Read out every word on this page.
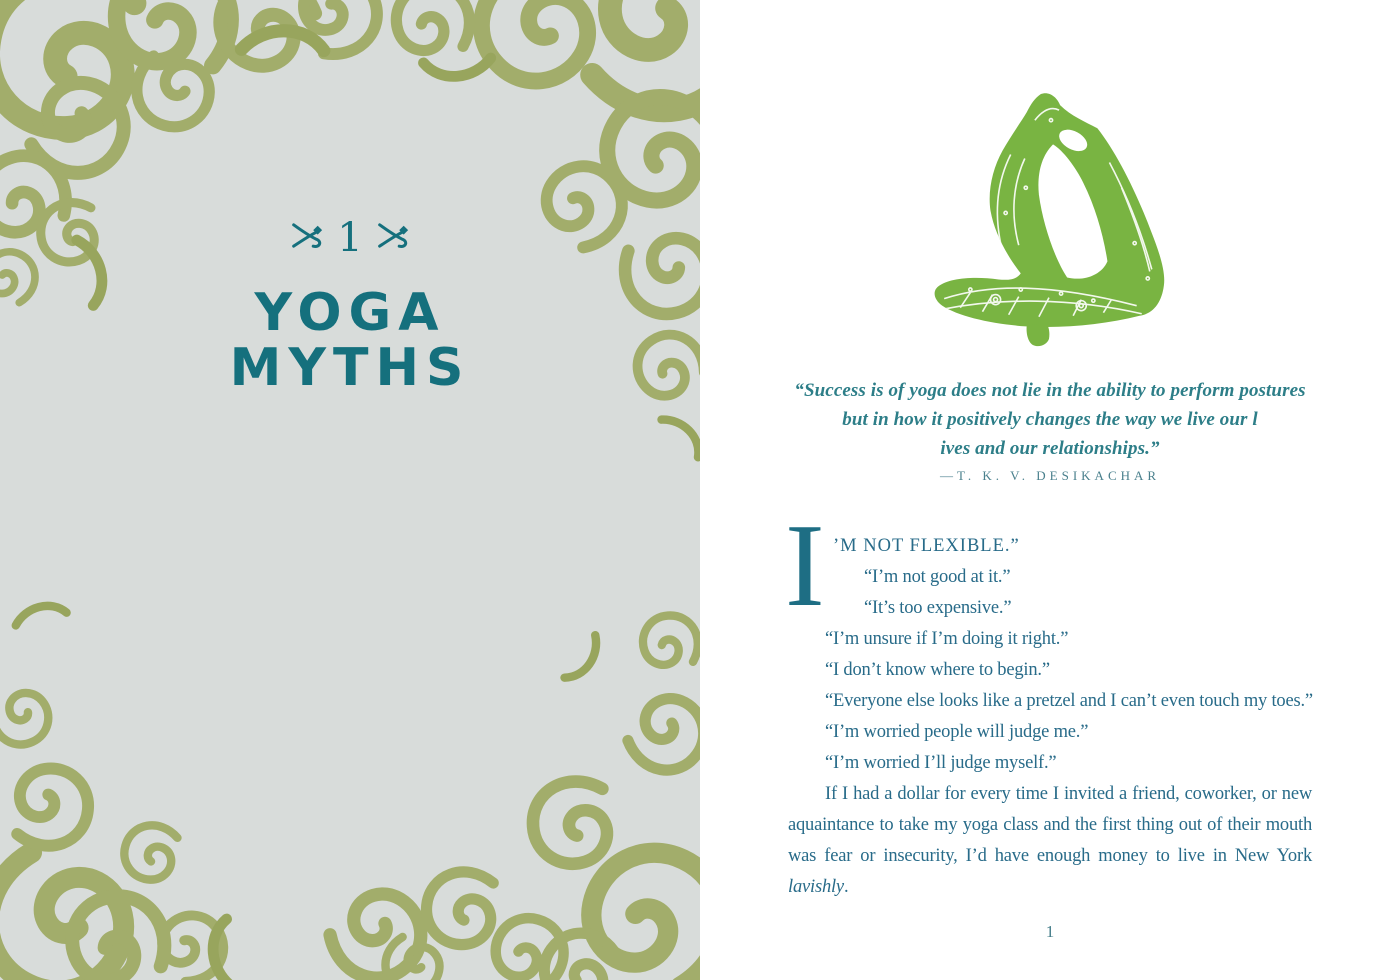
1
YOGA
MYTHS	“Success is of yoga does not lie in the ability to perform postures
but in how it positively changes the way we live our l
ives and our relationships.”
—T. K. V. DESIKACHAR
I ’M NOT FLEXIBLE.”
“I’m not good at it.”
“It’s too expensive.”
“I’m unsure if I’m doing it right.”
“I don’t know where to begin.”
“Everyone else looks like a pretzel and I can’t even touch my toes.”
“I’m worried people will judge me.”
“I’m worried I’ll judge myself.”

If I had a dollar for every time I invited a friend, coworker, or new aquaintance to take my yoga class and the first thing out of their mouth was fear or insecurity, I’d have enough money to live in New York lavishly.

1
